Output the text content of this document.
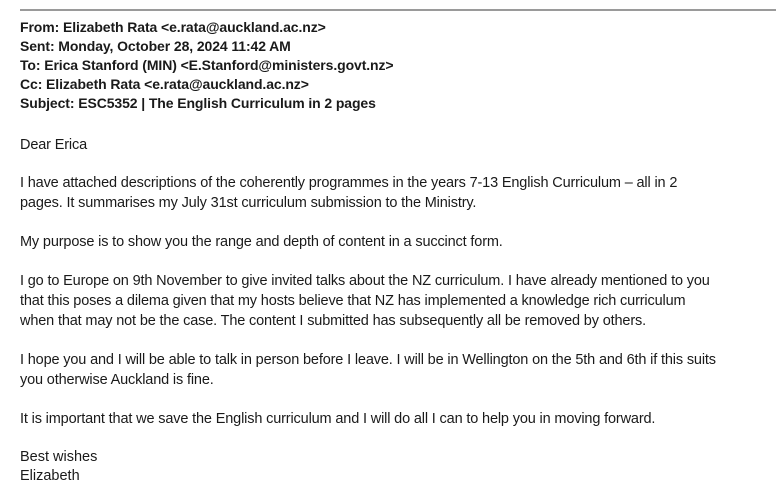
From: Elizabeth Rata <e.rata@auckland.ac.nz>
Sent: Monday, October 28, 2024 11:42 AM
To: Erica Stanford (MIN) <E.Stanford@ministers.govt.nz>
Cc: Elizabeth Rata <e.rata@auckland.ac.nz>
Subject: ESC5352 | The English Curriculum in 2 pages

Dear Erica

I have attached descriptions of the coherently programmes in the years 7-13 English Curriculum – all in 2
pages. It summarises my July 31st curriculum submission to the Ministry.
My purpose is to show you the range and depth of content in a succinct form.
I go to Europe on 9th November to give invited talks about the NZ curriculum. I have already mentioned to you
that this poses a dilema given that my hosts believe that NZ has implemented a knowledge rich curriculum
when that may not be the case. The content I submitted has subsequently all be removed by others.
I hope you and I will be able to talk in person before I leave. I will be in Wellington on the 5th and 6th if this suits
you otherwise Auckland is fine.
It is important that we save the English curriculum and I will do all I can to help you in moving forward.
Best wishes
Elizabeth
